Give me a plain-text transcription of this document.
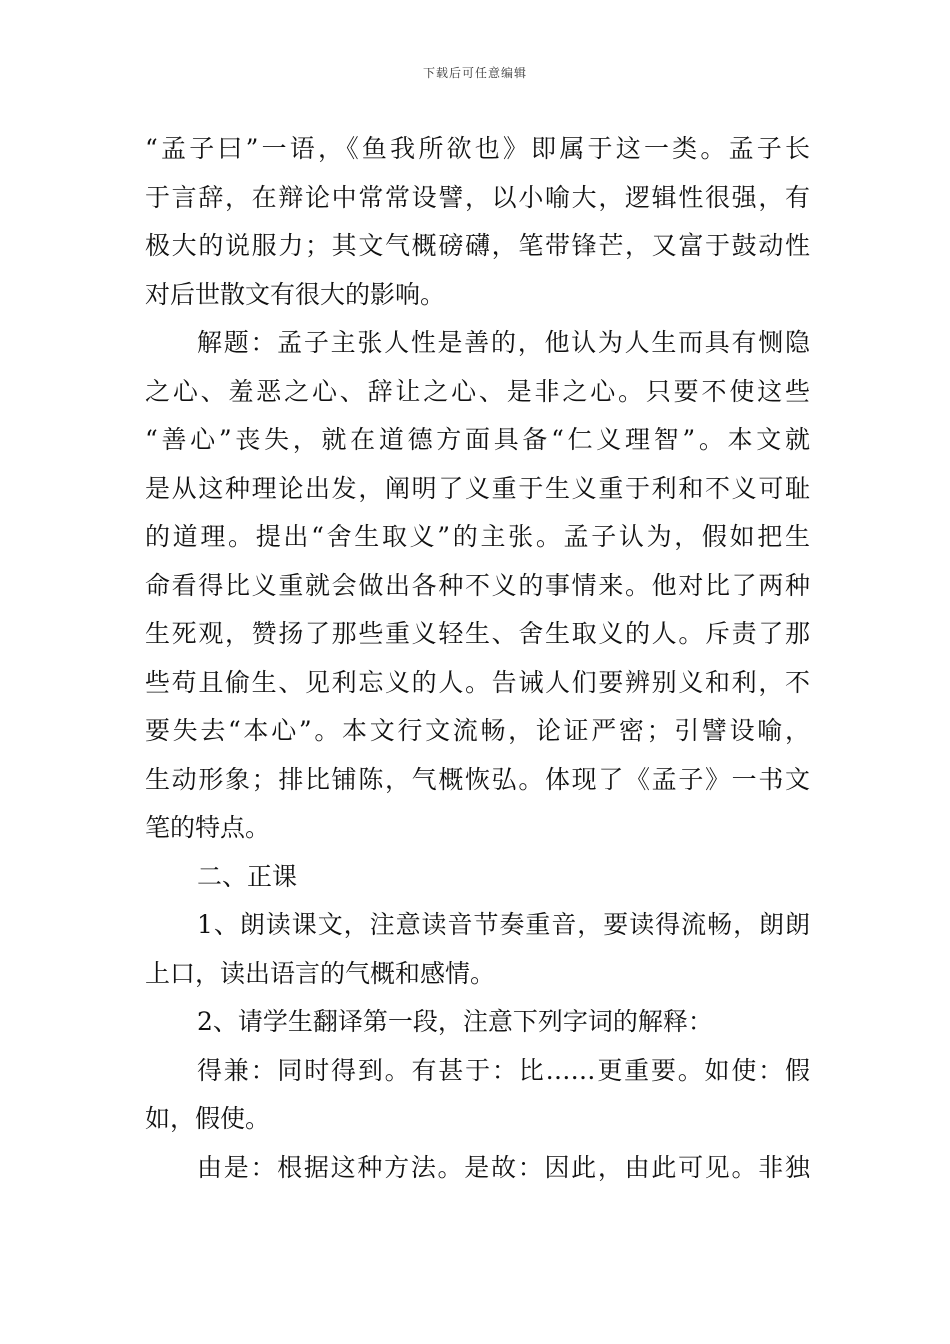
下载后可任意编辑
“孟子曰”一语，《鱼我所欲也》即属于这一类。孟子长
于言辞，在辩论中常常设譬，以小喻大，逻辑性很强，有
极大的说服力；其文气概磅礴，笔带锋芒，又富于鼓动性
对后世散文有很大的影响。
解题：孟子主张人性是善的，他认为人生而具有恻隐
之心、羞恶之心、辞让之心、是非之心。只要不使这些
“善心”丧失，就在道德方面具备“仁义理智”。本文就
是从这种理论出发，阐明了义重于生义重于利和不义可耻
的道理。提出“舍生取义”的主张。孟子认为，假如把生
命看得比义重就会做出各种不义的事情来。他对比了两种
生死观，赞扬了那些重义轻生、舍生取义的人。斥责了那
些苟且偷生、见利忘义的人。告诫人们要辨别义和利，不
要失去“本心”。本文行文流畅，论证严密；引譬设喻，
生动形象；排比铺陈，气概恢弘。体现了《孟子》一书文
笔的特点。
二、正课
1、朗读课文，注意读音节奏重音，要读得流畅，朗朗
上口，读出语言的气概和感情。
2、请学生翻译第一段，注意下列字词的解释：
得兼：同时得到。有甚于：比……更重要。如使：假
如，假使。
由是：根据这种方法。是故：因此，由此可见。非独
